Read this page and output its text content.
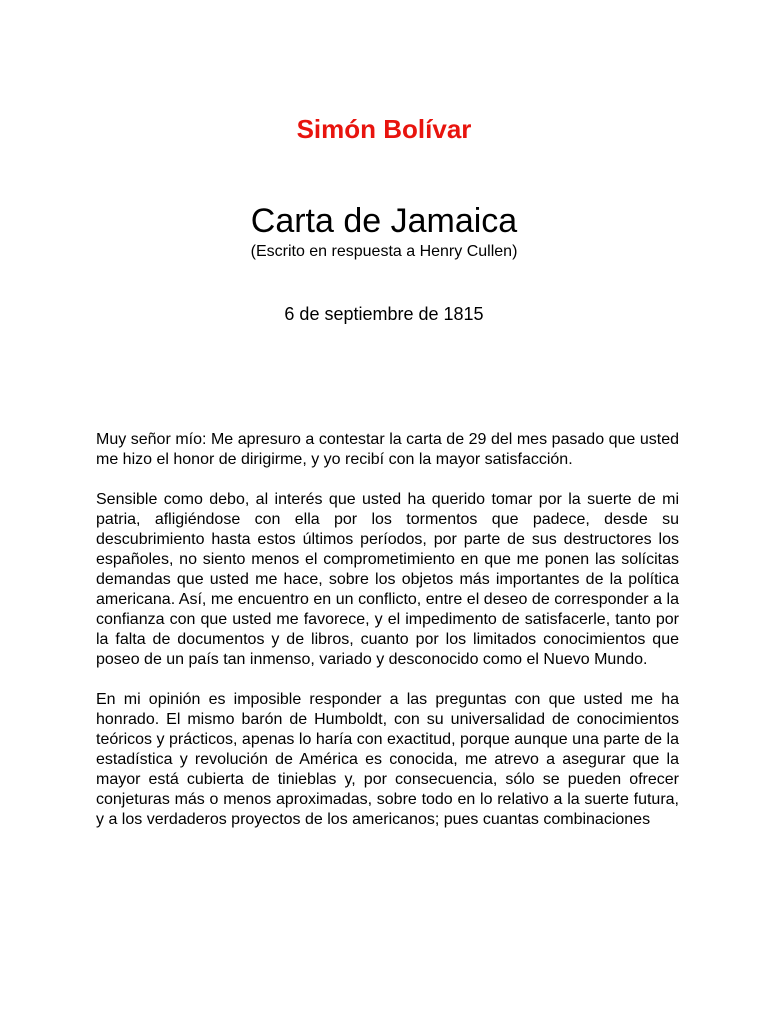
Simón Bolívar
Carta de Jamaica
(Escrito en respuesta a Henry Cullen)
6 de septiembre de 1815

Muy señor mío: Me apresuro a contestar la carta de 29 del mes pasado que usted me hizo el honor de dirigirme, y yo recibí con la mayor satisfacción.

Sensible como debo, al interés que usted ha querido tomar por la suerte de mi patria, afligiéndose con ella por los tormentos que padece, desde su descubrimiento hasta estos últimos períodos, por parte de sus destructores los españoles, no siento menos el comprometimiento en que me ponen las solícitas demandas que usted me hace, sobre los objetos más importantes de la política americana. Así, me encuentro en un conflicto, entre el deseo de corresponder a la confianza con que usted me favorece, y el impedimento de satisfacerle, tanto por la falta de documentos y de libros, cuanto por los limitados conocimientos que poseo de un país tan inmenso, variado y desconocido como el Nuevo Mundo.

En mi opinión es imposible responder a las preguntas con que usted me ha honrado. El mismo barón de Humboldt, con su universalidad de conocimientos teóricos y prácticos, apenas lo haría con exactitud, porque aunque una parte de la estadística y revolución de América es conocida, me atrevo a asegurar que la mayor está cubierta de tinieblas y, por consecuencia, sólo se pueden ofrecer conjeturas más o menos aproximadas, sobre todo en lo relativo a la suerte futura, y a los verdaderos proyectos de los americanos; pues cuantas combinaciones
